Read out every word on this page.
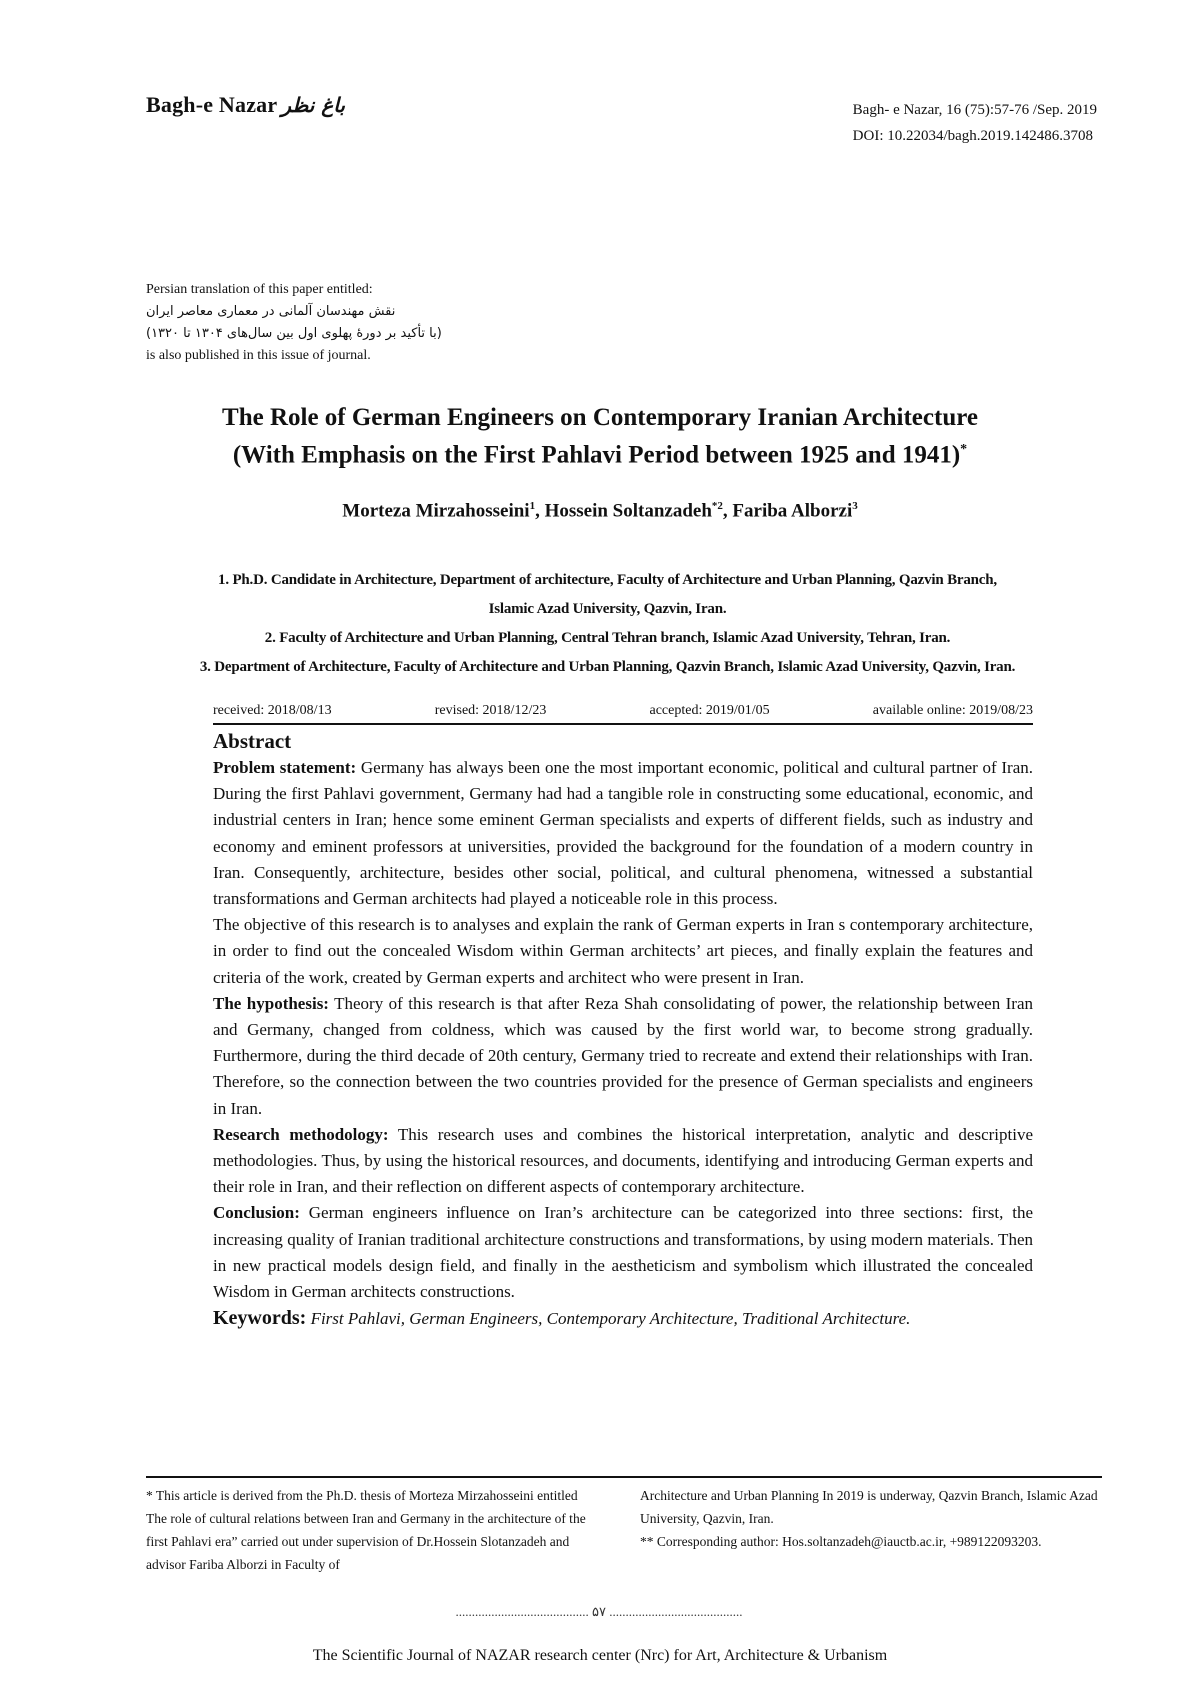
Bagh-e Nazar باغ نظر	Bagh- e Nazar, 16 (75):57-76 /Sep. 2019
DOI: 10.22034/bagh.2019.142486.3708
Persian translation of this paper entitled:
نقش مهندسان آلمانی در معماری معاصر ایران
(با تأکید بر دورۀ پهلوی اول بین سال‌های ۱۳۰۴ تا ۱۳۲۰)
is also published in this issue of journal.
The Role of German Engineers on Contemporary Iranian Architecture
(With Emphasis on the First Pahlavi Period between 1925 and 1941)*
Morteza Mirzahosseini$^1$, Hossein Soltanzadeh$^{*2}$, Fariba Alborzi$^3$
1. Ph.D. Candidate in Architecture, Department of architecture, Faculty of Architecture and Urban Planning, Qazvin Branch,
Islamic Azad University, Qazvin, Iran.
2. Faculty of Architecture and Urban Planning, Central Tehran branch, Islamic Azad University, Tehran, Iran.
3. Department of Architecture, Faculty of Architecture and Urban Planning, Qazvin Branch, Islamic Azad University, Qazvin, Iran.
received: 2018/08/13	revised: 2018/12/23	accepted: 2019/01/05	available online: 2019/08/23
Abstract

Problem statement: Germany has always been one the most important economic, political and cultural partner of Iran. During the first Pahlavi government, Germany had had a tangible role in constructing some educational, economic, and industrial centers in Iran; hence some eminent German specialists and experts of different fields, such as industry and economy and eminent professors at universities, provided the background for the foundation of a modern country in Iran. Consequently, architecture, besides other social, political, and cultural phenomena, witnessed a substantial transformations and German architects had played a noticeable role in this process.

The objective of this research is to analyses and explain the rank of German experts in Iran s contemporary architecture, in order to find out the concealed Wisdom within German architects’ art pieces, and finally explain the features and criteria of the work, created by German experts and architect who were present in Iran.

The hypothesis: Theory of this research is that after Reza Shah consolidating of power, the relationship between Iran and Germany, changed from coldness, which was caused by the first world war, to become strong gradually. Furthermore, during the third decade of 20th century, Germany tried to recreate and extend their relationships with Iran. Therefore, so the connection between the two countries provided for the presence of German specialists and engineers in Iran.

Research methodology: This research uses and combines the historical interpretation, analytic and descriptive methodologies. Thus, by using the historical resources, and documents, identifying and introducing German experts and their role in Iran, and their reflection on different aspects of contemporary architecture.

Conclusion: German engineers influence on Iran’s architecture can be categorized into three sections: first, the increasing quality of Iranian traditional architecture constructions and transformations, by using modern materials. Then in new practical models design field, and finally in the aestheticism and symbolism which illustrated the concealed Wisdom in German architects constructions.

Keywords: First Pahlavi, German Engineers, Contemporary Architecture, Traditional Architecture.

* This article is derived from the Ph.D. thesis of Morteza Mirzahosseini entitled The role of cultural relations between Iran and Germany in the architecture of the first Pahlavi era” carried out under supervision of Dr.Hossein Slotanzadeh and advisor Fariba Alborzi in Faculty of
Architecture and Urban Planning In 2019 is underway, Qazvin Branch, Islamic Azad University, Qazvin, Iran.
** Corresponding author: Hos.soltanzadeh@iauctb.ac.ir, +989122093203.
......................................... ۵۷ .........................................
The Scientific Journal of NAZAR research center (Nrc) for Art, Architecture & Urbanism
